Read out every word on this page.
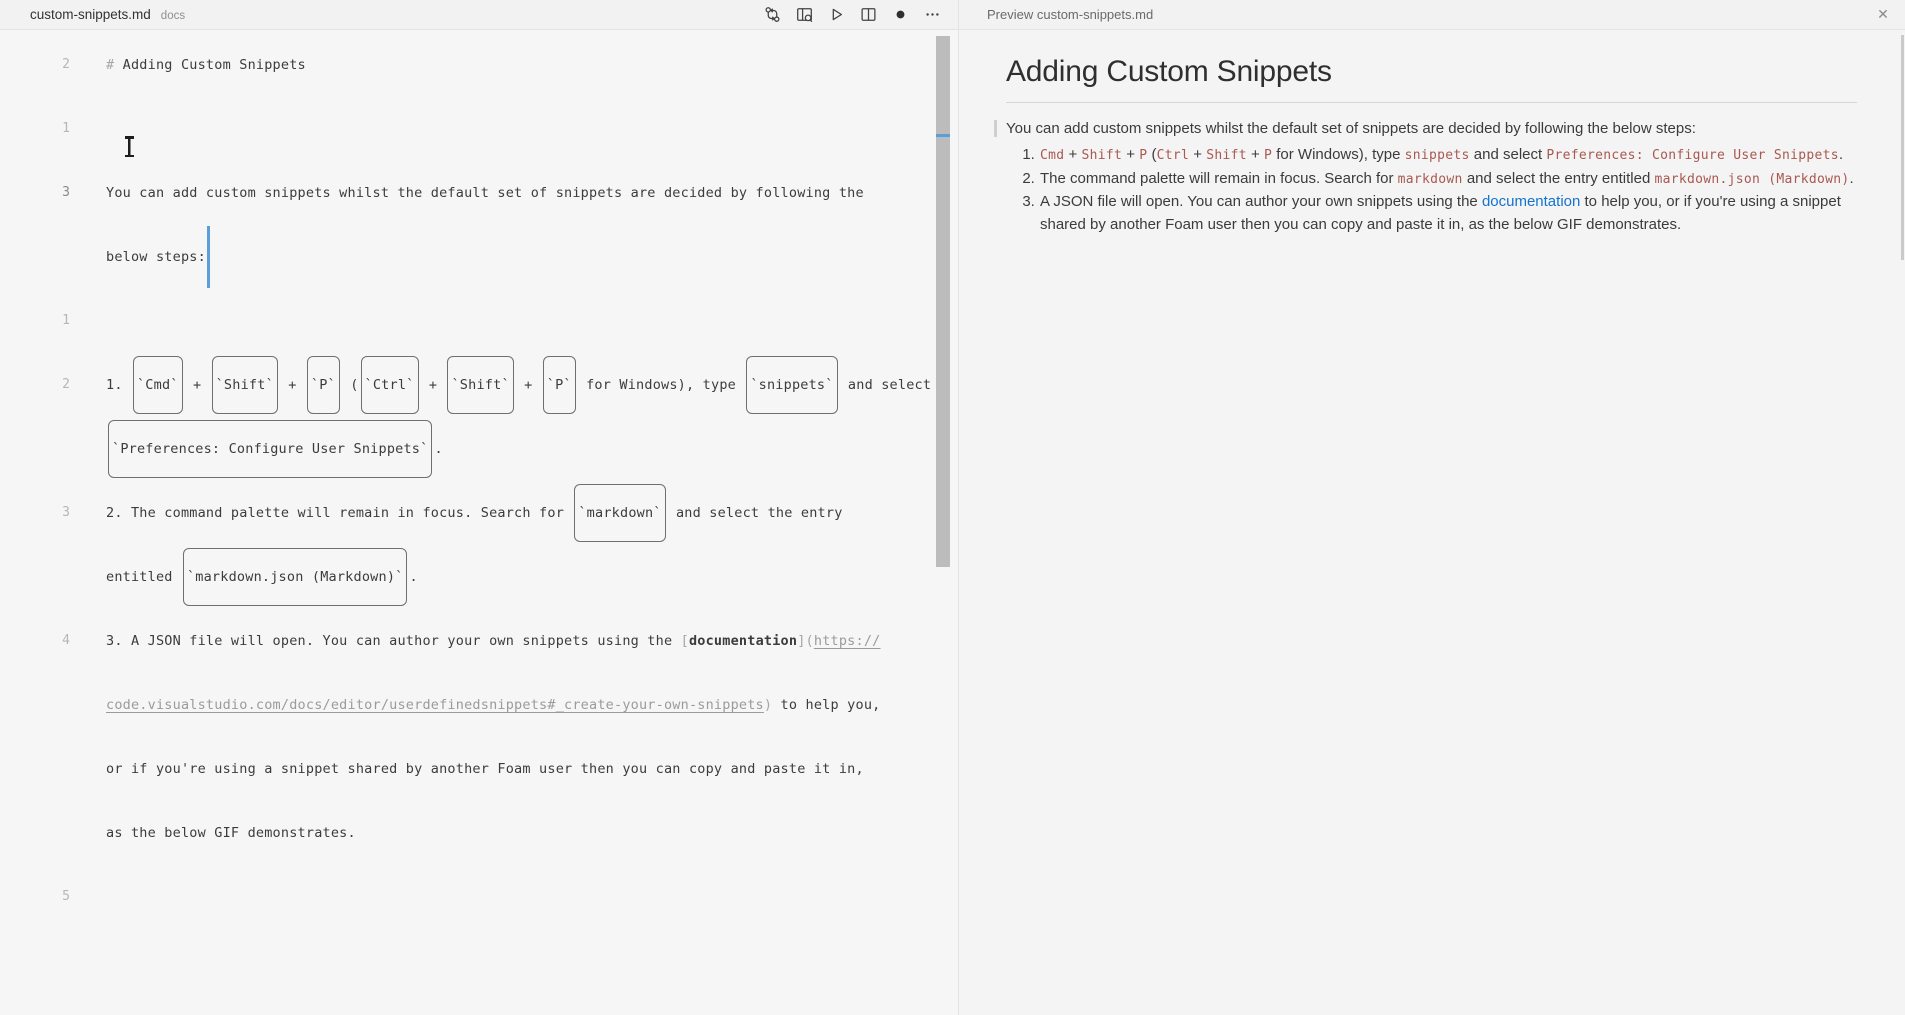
custom-snippets.md docs
2	# Adding Custom Snippets
1
3	You can add custom snippets whilst the default set of snippets are decided by following the
below steps:
1
2	1. `Cmd` + `Shift` + `P` ( `Ctrl` + `Shift` + `P` for Windows), type `snippets` and select
`Preferences: Configure User Snippets` .
3	2. The command palette will remain in focus. Search for `markdown` and select the entry
entitled `markdown.json (Markdown)` .
4	3. A JSON file will open. You can author your own snippets using the [documentation](https://
code.visualstudio.com/docs/editor/userdefinedsnippets#_create-your-own-snippets) to help you,
or if you're using a snippet shared by another Foam user then you can copy and paste it in,
as the below GIF demonstrates.
5
Preview custom-snippets.md	✕
Adding Custom Snippets

You can add custom snippets whilst the default set of snippets are decided by following the below steps:

1. Cmd + Shift + P (Ctrl + Shift + P for Windows), type snippets and select Preferences: Configure User Snippets.
2. The command palette will remain in focus. Search for markdown and select the entry entitled markdown.json (Markdown).
3. A JSON file will open. You can author your own snippets using the documentation to help you, or if you're using a snippet shared by another Foam user then you can copy and paste it in, as the below GIF demonstrates.
